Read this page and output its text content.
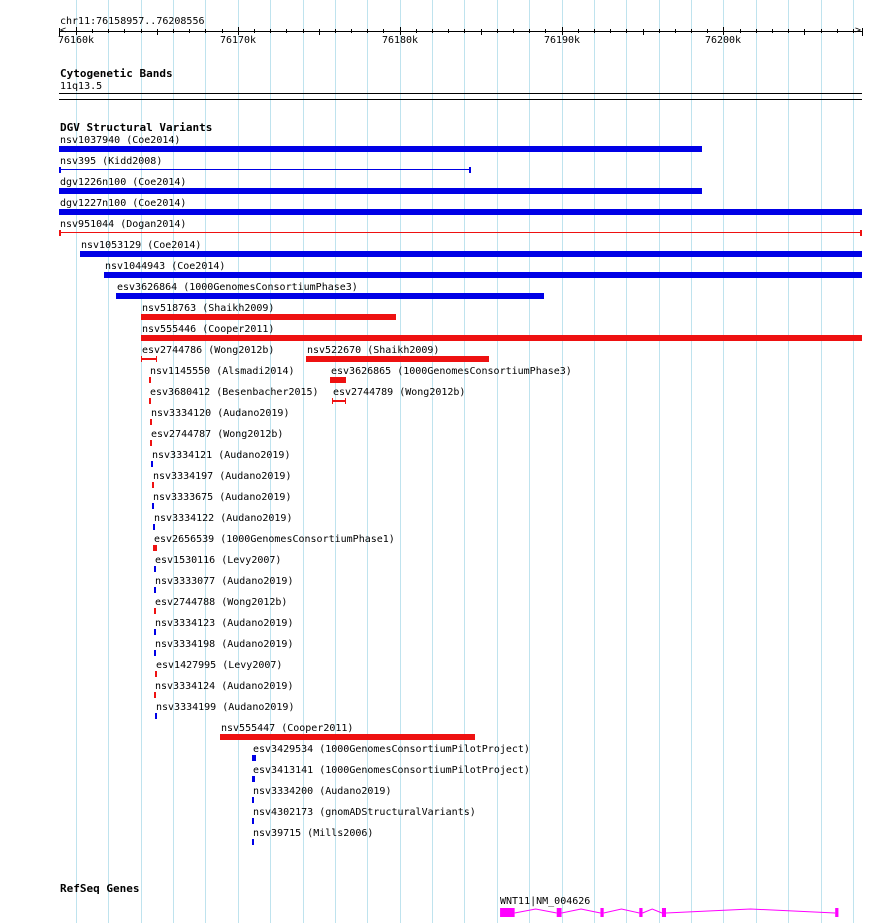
chr11:76158957..76208556
<	>
76160k	76170k	76180k	76190k	76200k
Cytogenetic Bands
11q13.5
DGV Structural Variants
nsv1037940 (Coe2014)
nsv395 (Kidd2008)
dgv1226n100 (Coe2014)
dgv1227n100 (Coe2014)
nsv951044 (Dogan2014)
nsv1053129 (Coe2014)
nsv1044943 (Coe2014)
esv3626864 (1000GenomesConsortiumPhase3)
nsv518763 (Shaikh2009)
nsv555446 (Cooper2011)
esv2744786 (Wong2012b)	nsv522670 (Shaikh2009)
nsv1145550 (Alsmadi2014)	esv3626865 (1000GenomesConsortiumPhase3)
esv3680412 (Besenbacher2015) esv2744789 (Wong2012b)
nsv3334120 (Audano2019)
esv2744787 (Wong2012b)
nsv3334121 (Audano2019)
nsv3334197 (Audano2019)
nsv3333675 (Audano2019)
nsv3334122 (Audano2019)
esv2656539 (1000GenomesConsortiumPhase1)
esv1530116 (Levy2007)
nsv3333077 (Audano2019)
esv2744788 (Wong2012b)
nsv3334123 (Audano2019)
nsv3334198 (Audano2019)
esv1427995 (Levy2007)
nsv3334124 (Audano2019)
nsv3334199 (Audano2019)
nsv555447 (Cooper2011)
esv3429534 (1000GenomesConsortiumPilotProject)
esv3413141 (1000GenomesConsortiumPilotProject)
nsv3334200 (Audano2019)
nsv4302173 (gnomADStructuralVariants)
nsv39715 (Mills2006)
RefSeq Genes
WNT11|NM_004626
